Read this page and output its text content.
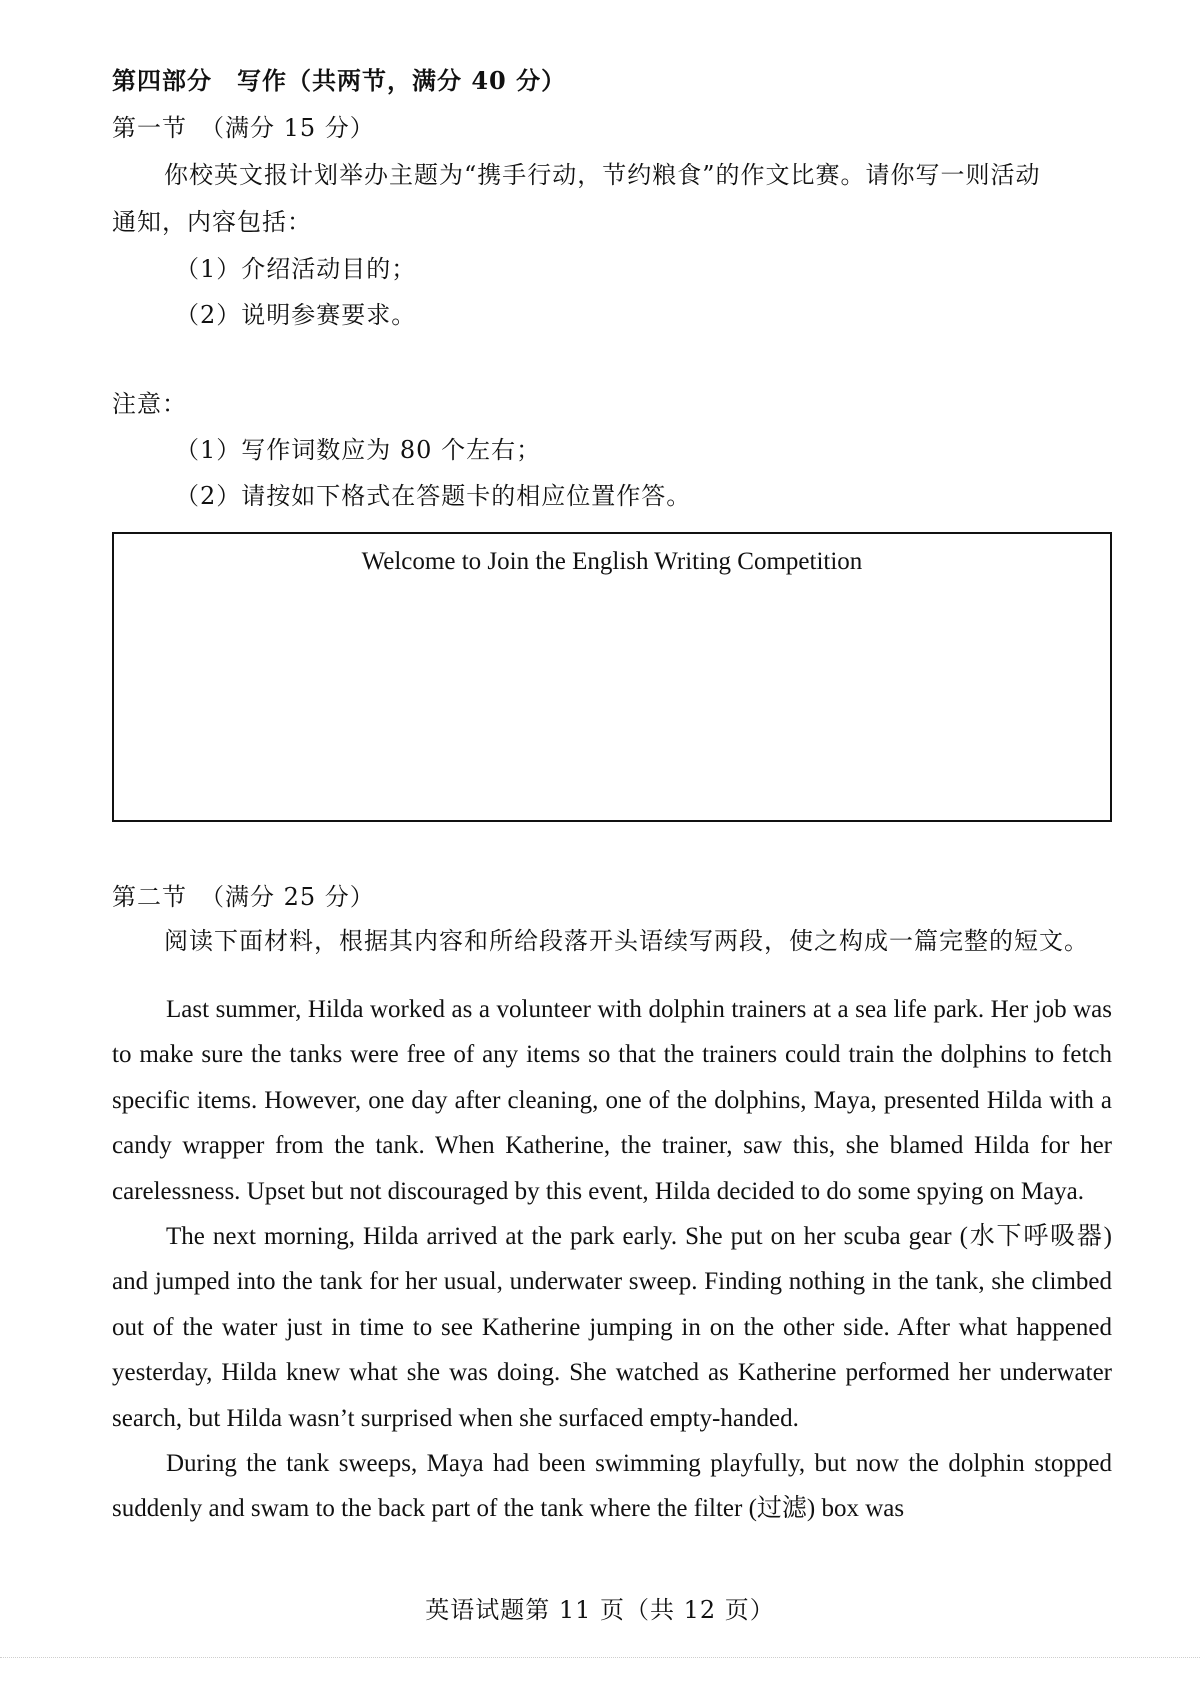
第四部分　写作（共两节，满分 40 分）
第一节　（满分 15 分）
你校英文报计划举办主题为“携手行动，节约粮食”的作文比赛。请你写一则活动
通知，内容包括：
（1）介绍活动目的；
（2）说明参赛要求。
注意：
（1）写作词数应为 80 个左右；
（2）请按如下格式在答题卡的相应位置作答。
Welcome to Join the English Writing Competition
第二节　（满分 25 分）
阅读下面材料，根据其内容和所给段落开头语续写两段，使之构成一篇完整的短文。

Last summer, Hilda worked as a volunteer with dolphin trainers at a sea life park. Her job was to make sure the tanks were free of any items so that the trainers could train the dolphins to fetch specific items. However, one day after cleaning, one of the dolphins, Maya, presented Hilda with a candy wrapper from the tank. When Katherine, the trainer, saw this, she blamed Hilda for her carelessness. Upset but not discouraged by this event, Hilda decided to do some spying on Maya.

The next morning, Hilda arrived at the park early. She put on her scuba gear (水下呼吸器) and jumped into the tank for her usual, underwater sweep. Finding nothing in the tank, she climbed out of the water just in time to see Katherine jumping in on the other side. After what happened yesterday, Hilda knew what she was doing. She watched as Katherine performed her underwater search, but Hilda wasn’t surprised when she surfaced empty-handed.

During the tank sweeps, Maya had been swimming playfully, but now the dolphin stopped suddenly and swam to the back part of the tank where the filter (过滤) box was

英语试题第 11 页（共 12 页）
